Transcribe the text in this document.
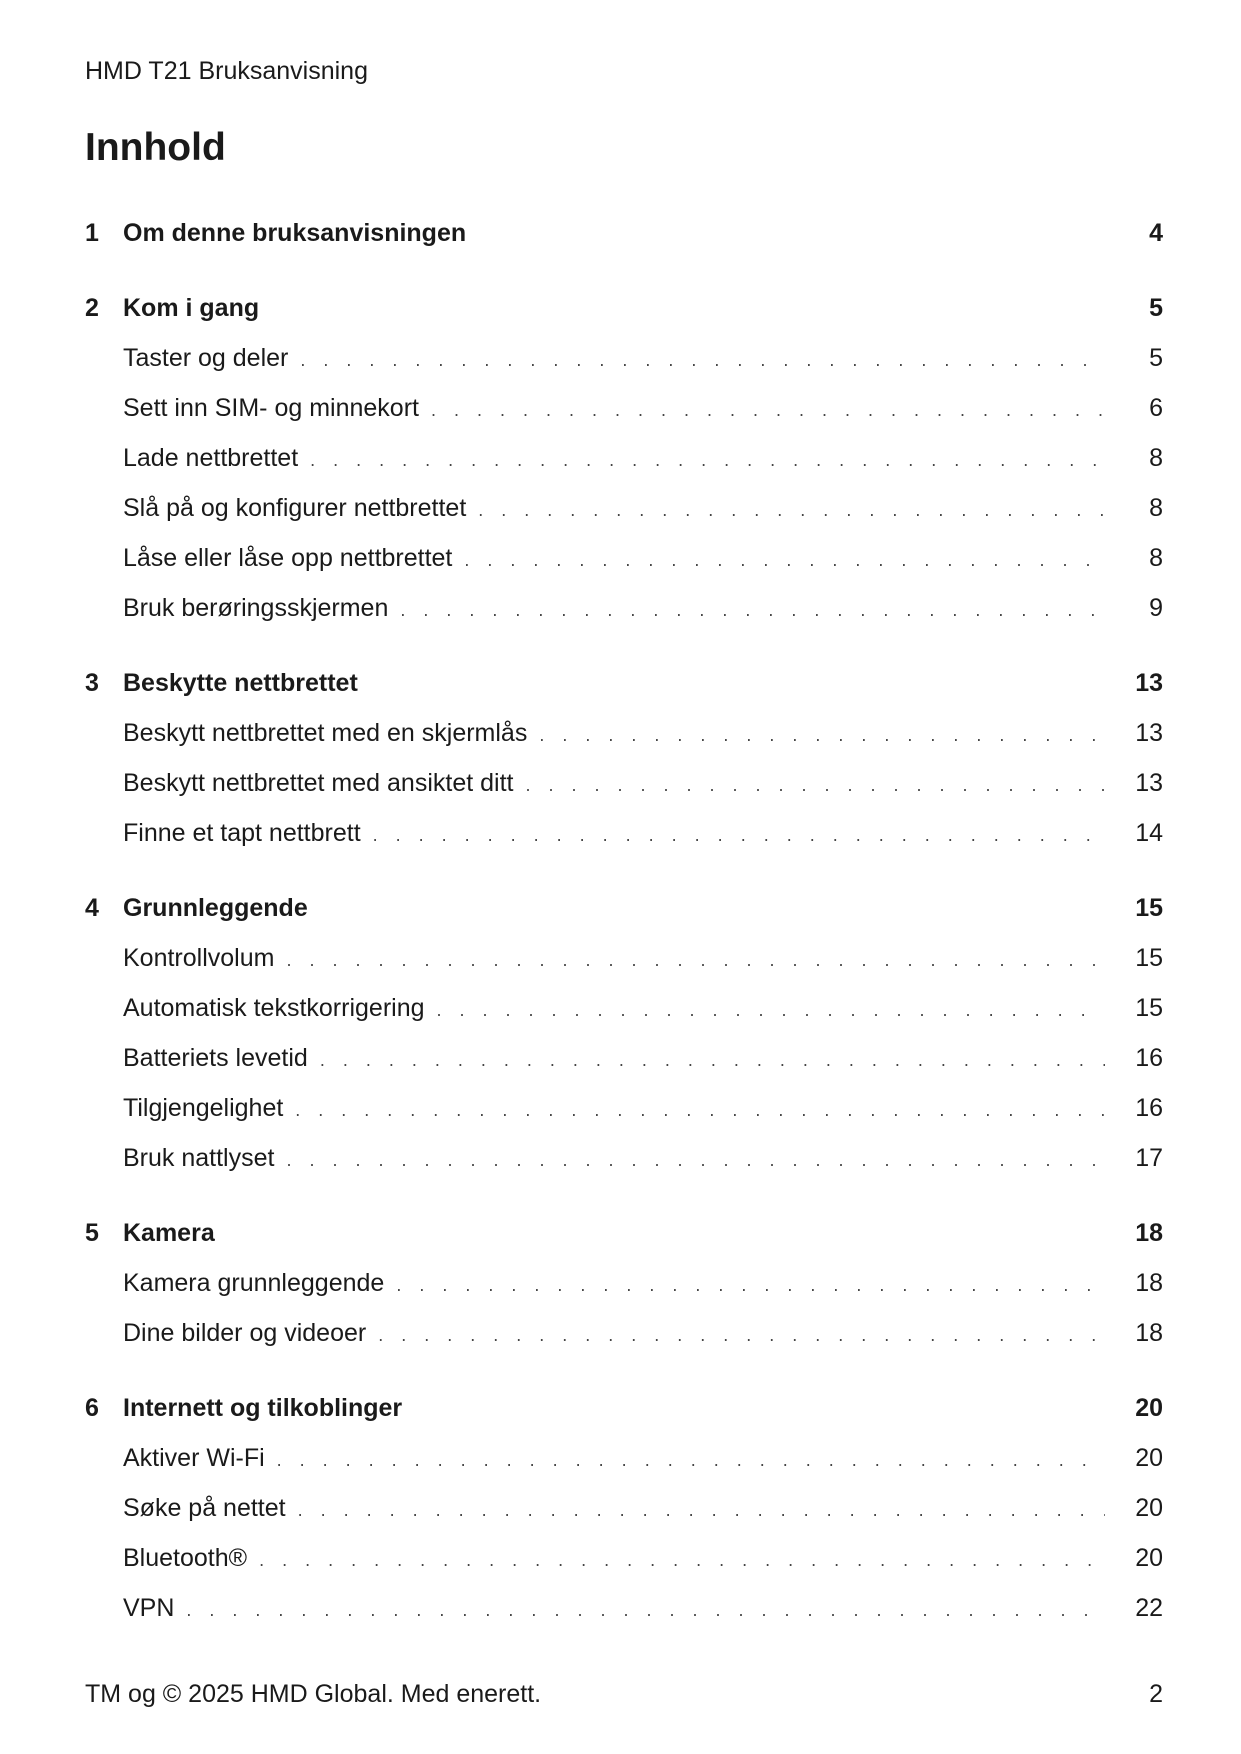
HMD T21 Bruksanvisning
Innhold
1 Om denne bruksanvisningen	4
2 Kom i gang	5
Taster og deler . . .	5
Sett inn SIM- og minnekort . . .	6
Lade nettbrettet . . .	8
Slå på og konfigurer nettbrettet . . .	8
Låse eller låse opp nettbrettet . . .	8
Bruk berøringsskjermen . . .	9
3 Beskytte nettbrettet	13
Beskytt nettbrettet med en skjermlås . . .	13
Beskytt nettbrettet med ansiktet ditt . . .	13
Finne et tapt nettbrett . . .	14
4 Grunnleggende	15
Kontrollvolum . . .	15
Automatisk tekstkorrigering . . .	15
Batteriets levetid . . .	16
Tilgjengelighet . . .	16
Bruk nattlyset . . .	17
5 Kamera	18
Kamera grunnleggende . . .	18
Dine bilder og videoer . . .	18
6 Internett og tilkoblinger	20
Aktiver Wi-Fi . . .	20
Søke på nettet . . .	20
Bluetooth® . . .	20
VPN . . .	22
TM og © 2025 HMD Global. Med enerett.	2
